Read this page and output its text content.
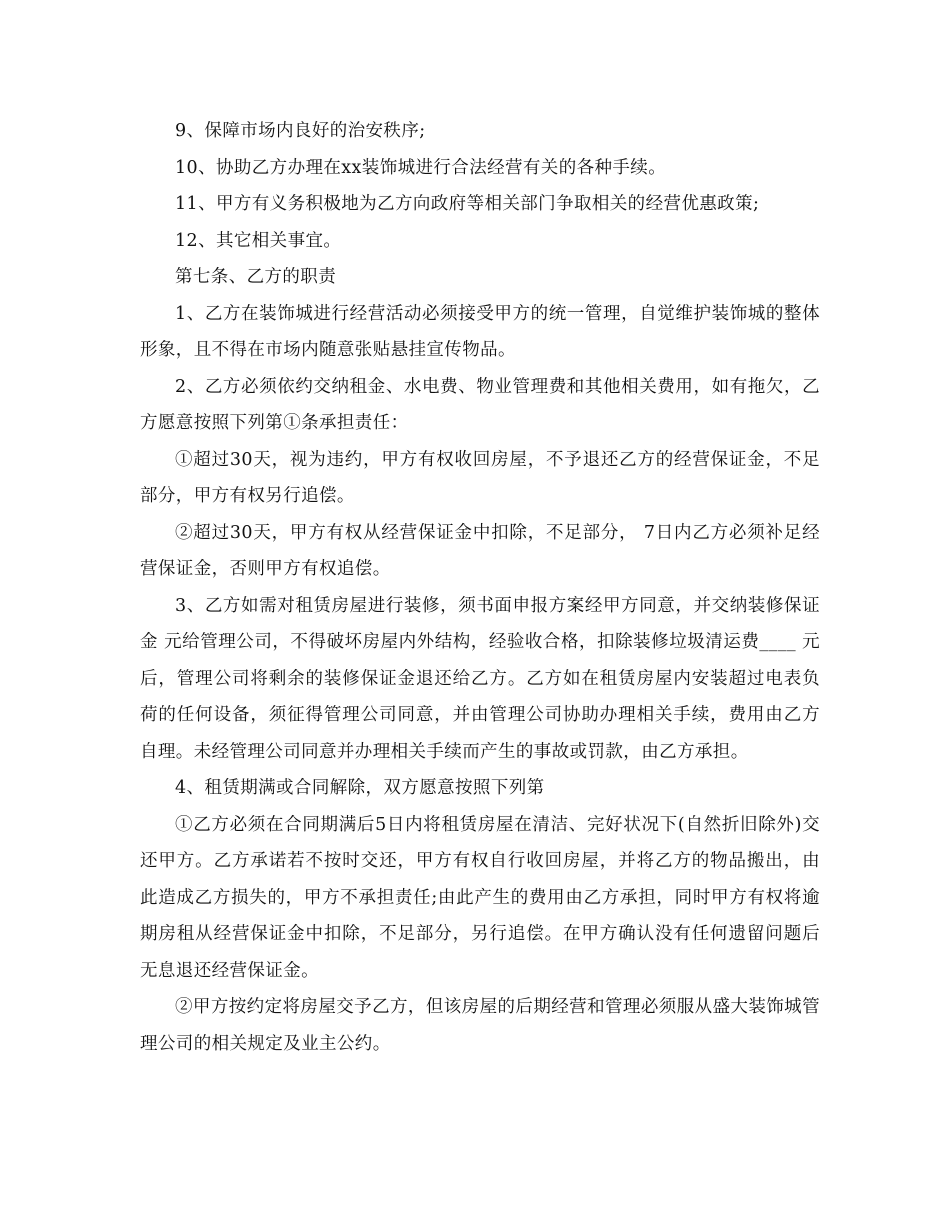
9、保障市场内良好的治安秩序;

10、协助乙方办理在xx装饰城进行合法经营有关的各种手续。

11、甲方有义务积极地为乙方向政府等相关部门争取相关的经营优惠政策;

12、其它相关事宜。

第七条、乙方的职责

1、乙方在装饰城进行经营活动必须接受甲方的统一管理，自觉维护装饰城的整体形象，且不得在市场内随意张贴悬挂宣传物品。

2、乙方必须依约交纳租金、水电费、物业管理费和其他相关费用，如有拖欠，乙方愿意按照下列第①条承担责任：

①超过30天，视为违约，甲方有权收回房屋，不予退还乙方的经营保证金，不足部分，甲方有权另行追偿。

②超过30天，甲方有权从经营保证金中扣除，不足部分， 7日内乙方必须补足经营保证金，否则甲方有权追偿。

3、乙方如需对租赁房屋进行装修，须书面申报方案经甲方同意，并交纳装修保证金 元给管理公司，不得破坏房屋内外结构，经验收合格，扣除装修垃圾清运费____ 元后，管理公司将剩余的装修保证金退还给乙方。乙方如在租赁房屋内安装超过电表负荷的任何设备，须征得管理公司同意，并由管理公司协助办理相关手续，费用由乙方自理。未经管理公司同意并办理相关手续而产生的事故或罚款，由乙方承担。

4、租赁期满或合同解除，双方愿意按照下列第

①乙方必须在合同期满后5日内将租赁房屋在清洁、完好状况下(自然折旧除外)交还甲方。乙方承诺若不按时交还，甲方有权自行收回房屋，并将乙方的物品搬出，由此造成乙方损失的，甲方不承担责任;由此产生的费用由乙方承担，同时甲方有权将逾期房租从经营保证金中扣除，不足部分，另行追偿。在甲方确认没有任何遗留问题后无息退还经营保证金。

②甲方按约定将房屋交予乙方，但该房屋的后期经营和管理必须服从盛大装饰城管理公司的相关规定及业主公约。
